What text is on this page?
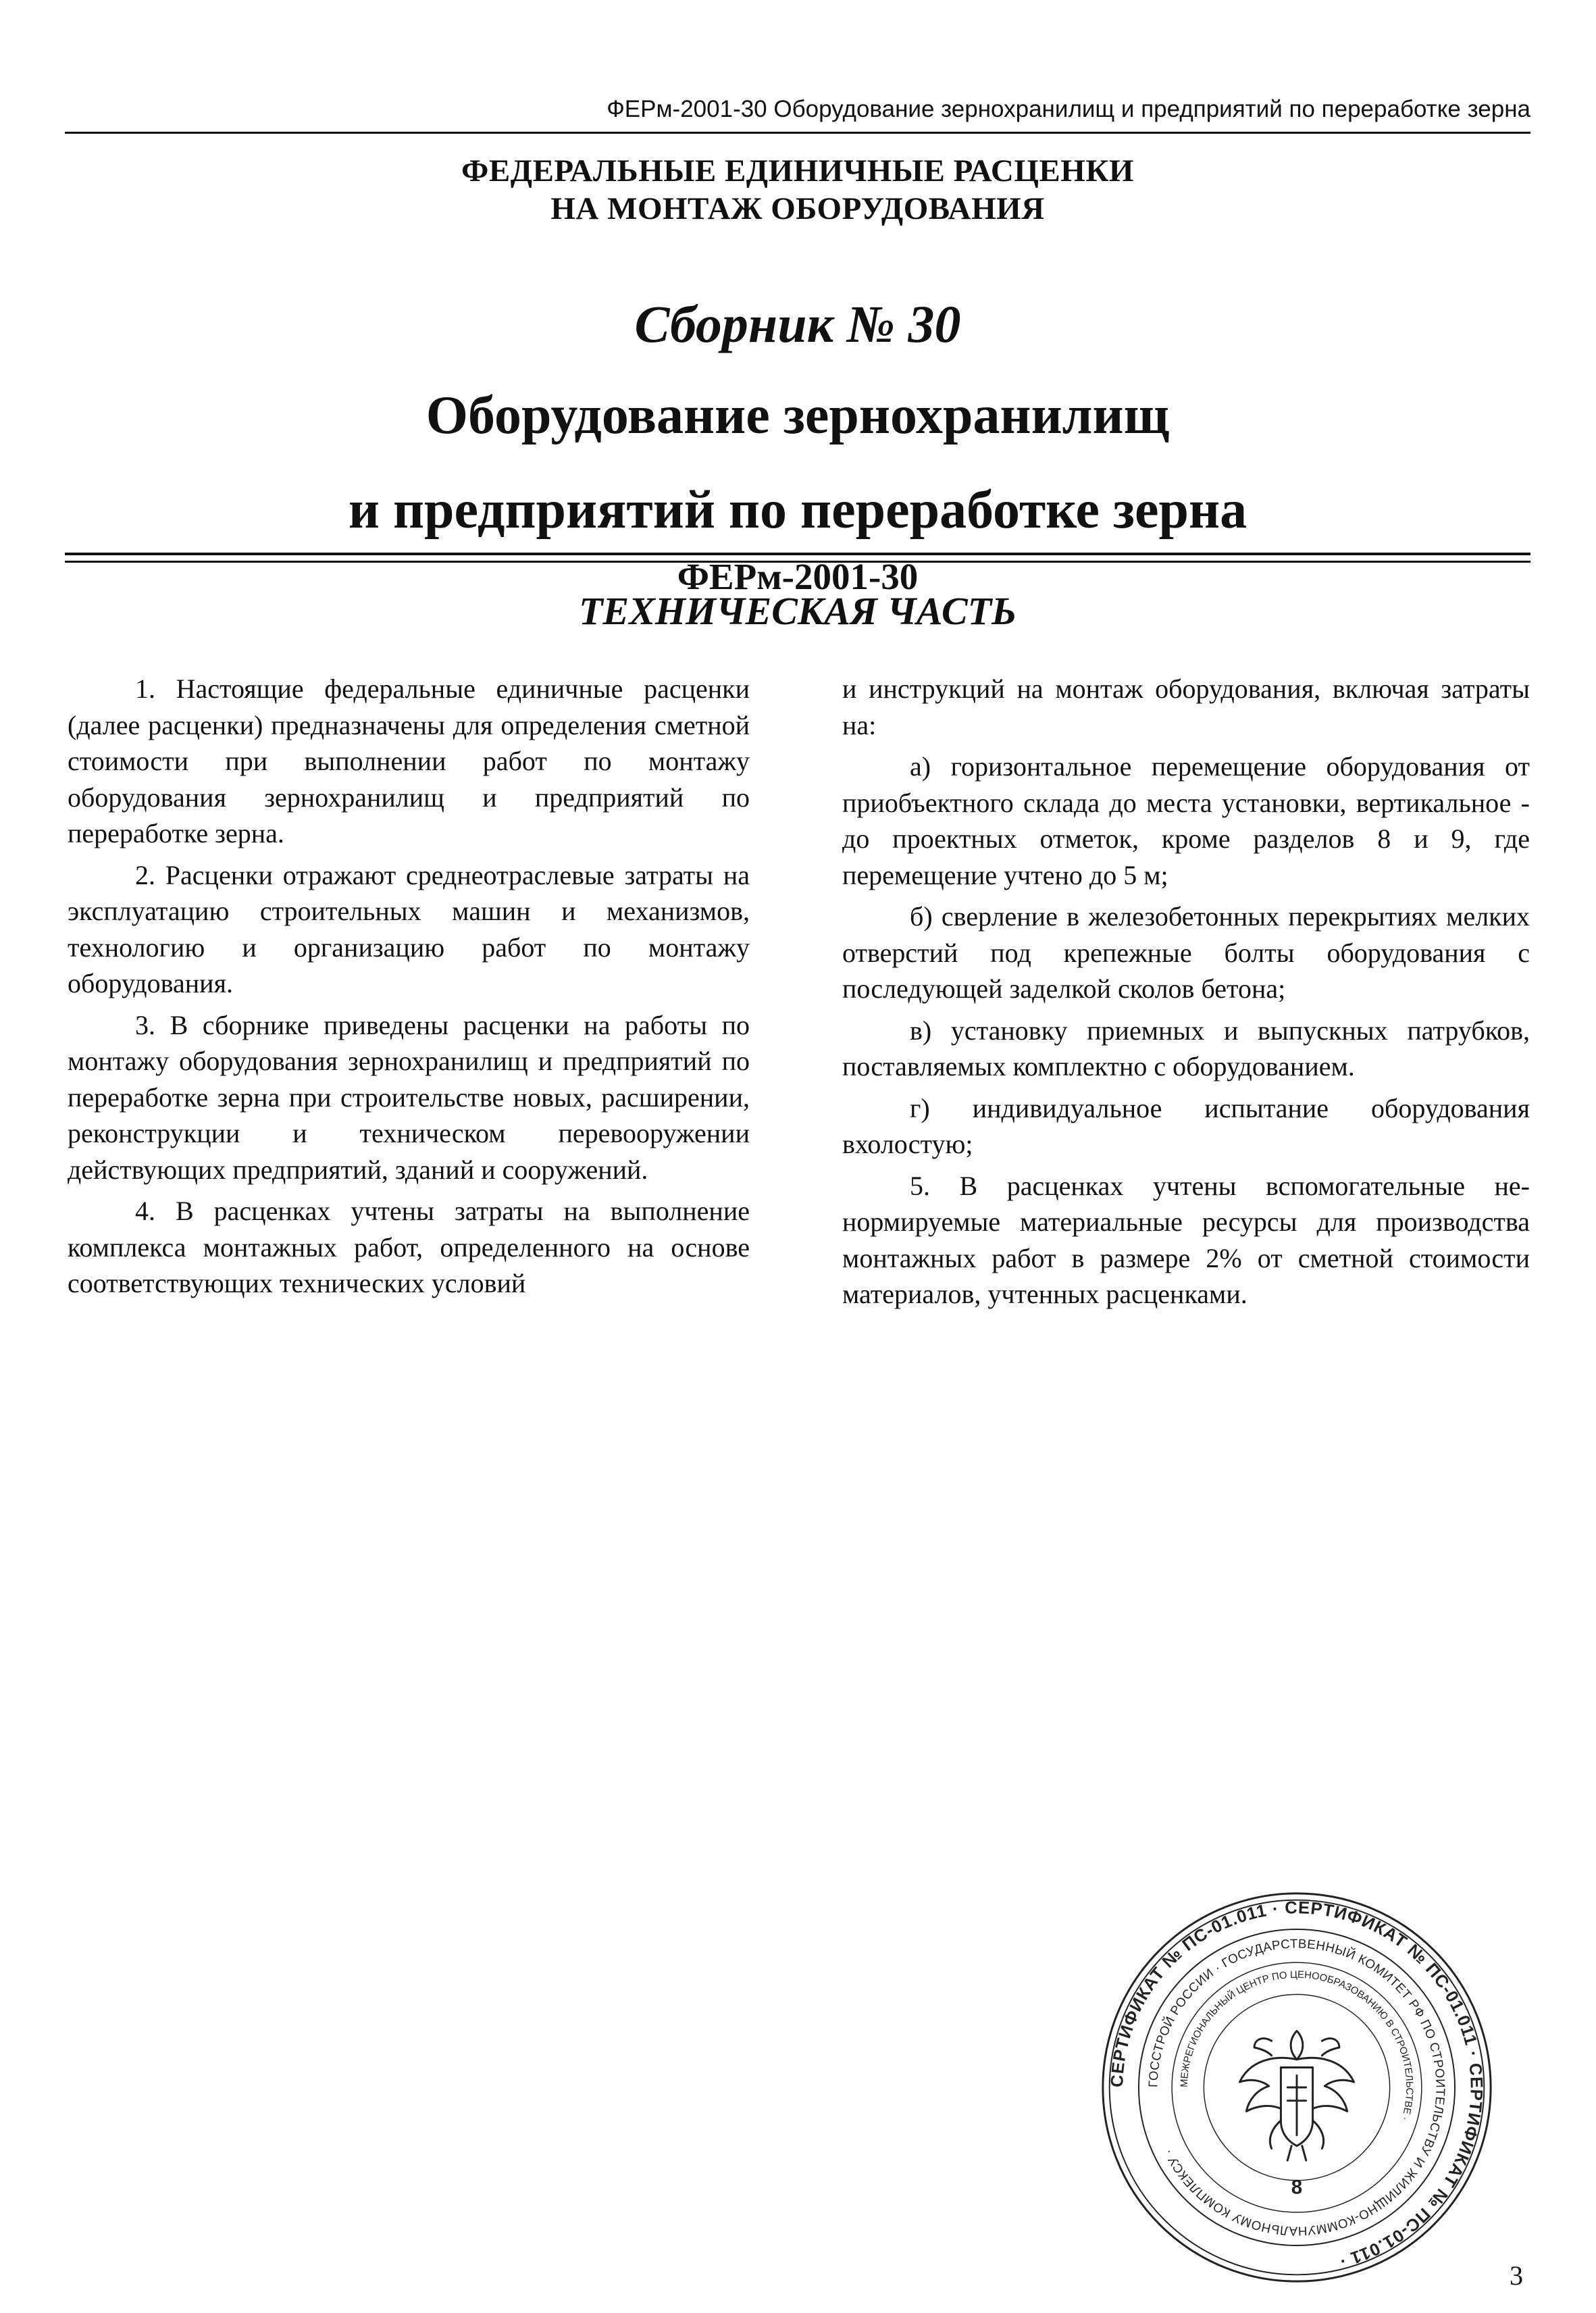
ФЕРм-2001-30 Оборудование зернохранилищ и предприятий по переработке зерна
ФЕДЕРАЛЬНЫЕ ЕДИНИЧНЫЕ РАСЦЕНКИ
НА МОНТАЖ ОБОРУДОВАНИЯ
Сборник № 30
Оборудование зернохранилищ
и предприятий по переработке зерна
ФЕРм-2001-30
ТЕХНИЧЕСКАЯ ЧАСТЬ

1. Настоящие федеральные единичные расценки (далее расценки) предназначены для определения сметной стоимости при выполнении работ по монтажу оборудования зернохранилищ и предприятий по переработке зерна.

2. Расценки отражают среднеотраслевые затраты на эксплуатацию строительных машин и механизмов, технологию и организацию работ по монтажу оборудования.

3. В сборнике приведены расценки на работы по монтажу оборудования зернохранилищ и предприятий по переработке зерна при строительстве новых, расширении, реконструкции и техническом перевооружении действующих предприятий, зданий и сооружений.

4. В расценках учтены затраты на выполнение комплекса монтажных работ, определенного на основе соответствующих технических условий

и инструкций на монтаж оборудования, включая затраты на:

а) горизонтальное перемещение оборудования от приобъектного склада до места установки, вертикальное - до проектных отметок, кроме разделов 8 и 9, где перемещение учтено до 5 м;

б) сверление в железобетонных перекрытиях мелких отверстий под крепежные болты оборудования с последующей заделкой сколов бетона;

в) установку приемных и выпускных патрубков, поставляемых комплектно с оборудованием.

г) индивидуальное испытание оборудования вхолостую;

5. В расценках учтены вспомогательные ненормируемые материальные ресурсы для производства монтажных работ в размере 2% от сметной стоимости материалов, учтенных расценками.

СЕРТИФИКАТ № ПС-01.011 · СЕРТИФИКАТ № ПС-01.011 · СЕРТИФИКАТ № ПС-01.011 ·
ГОССТРОЙ РОССИИ · ГОСУДАРСТВЕННЫЙ КОМИТЕТ РФ ПО СТРОИТЕЛЬСТВУ И ЖИЛИЩНО-КОММУНАЛЬНОМУ КОМПЛЕКСУ ·
МЕЖРЕГИОНАЛЬНЫЙ ЦЕНТР ПО ЦЕНООБРАЗОВАНИЮ В СТРОИТЕЛЬСТВЕ ·
8
3
